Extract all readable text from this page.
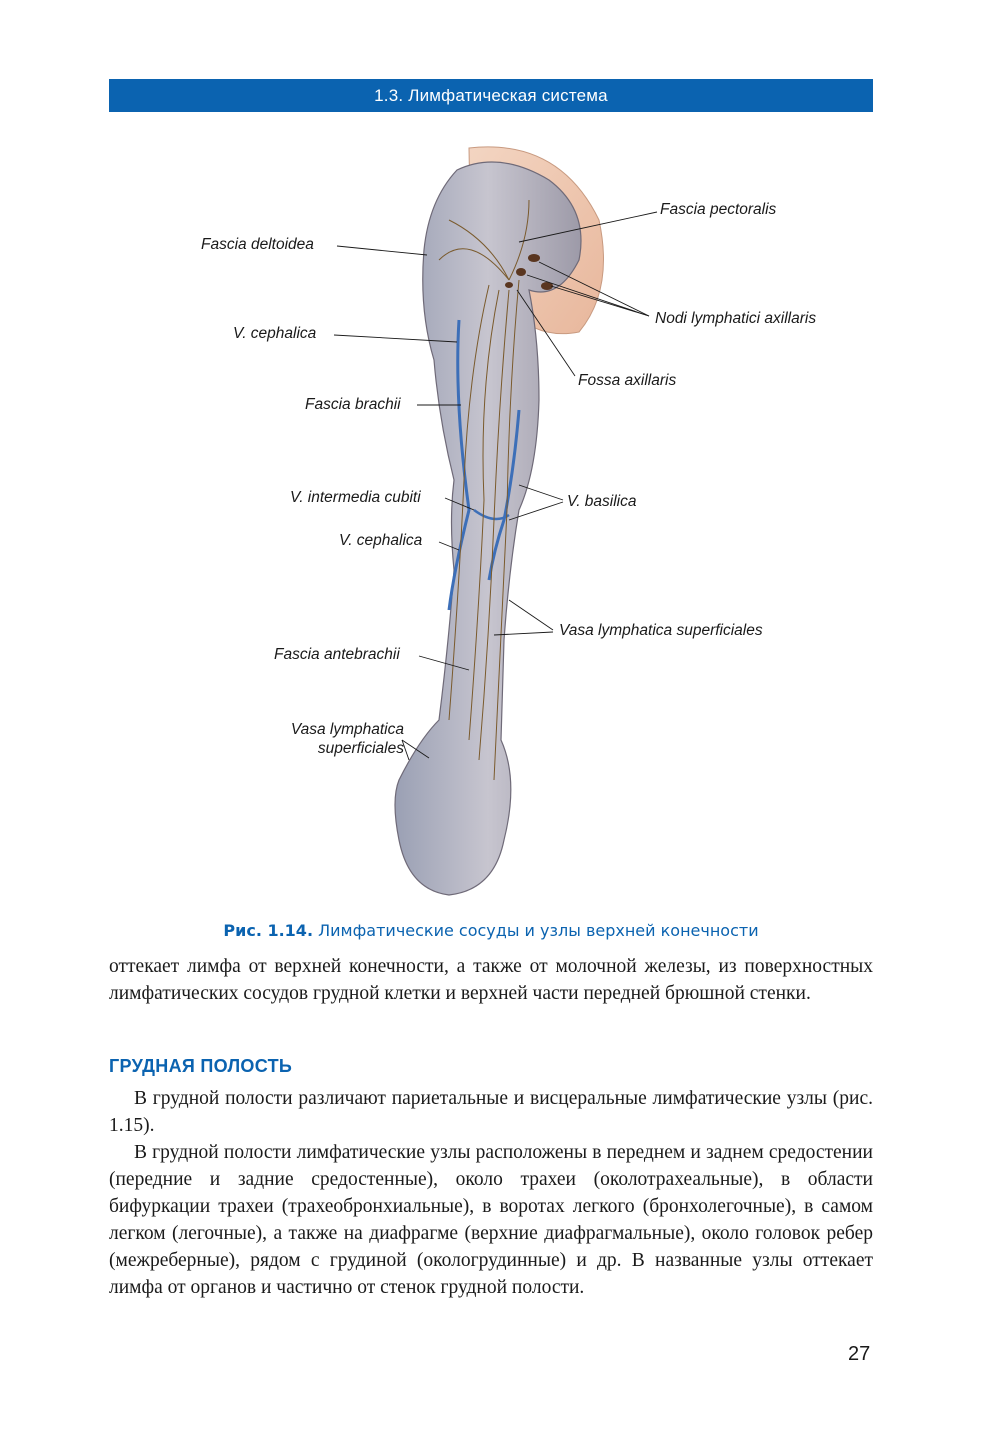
1.3. Лимфатическая система
Fascia pectoralis
Fascia deltoidea
Nodi lymphatici axillaris
V. cephalica
Fossa axillaris
Fascia brachii
V. intermedia cubiti	V. basilica
V. cephalica
Vasa lymphatica superficiales
Fascia antebrachii
Vasa lymphatica
superficiales
Рис. 1.14. Лимфатические сосуды и узлы верхней конечности

оттекает лимфа от верхней конечности, а также от молочной железы, из поверхностных лимфатических сосудов грудной клетки и верхней части передней брюшной стенки.

ГРУДНАЯ ПОЛОСТЬ

В грудной полости различают париетальные и висцеральные лимфатические узлы (рис. 1.15).

В грудной полости лимфатические узлы расположены в переднем и заднем средостении (передние и задние средостенные), около трахеи (околотрахеальные), в области бифуркации трахеи (трахеобронхиальные), в воротах легкого (бронхолегочные), в самом легком (легочные), а также на диафрагме (верхние диафрагмальные), около головок ребер (межреберные), рядом с грудиной (окологрудинные) и др. В названные узлы оттекает лимфа от органов и частично от стенок грудной полости.

27
